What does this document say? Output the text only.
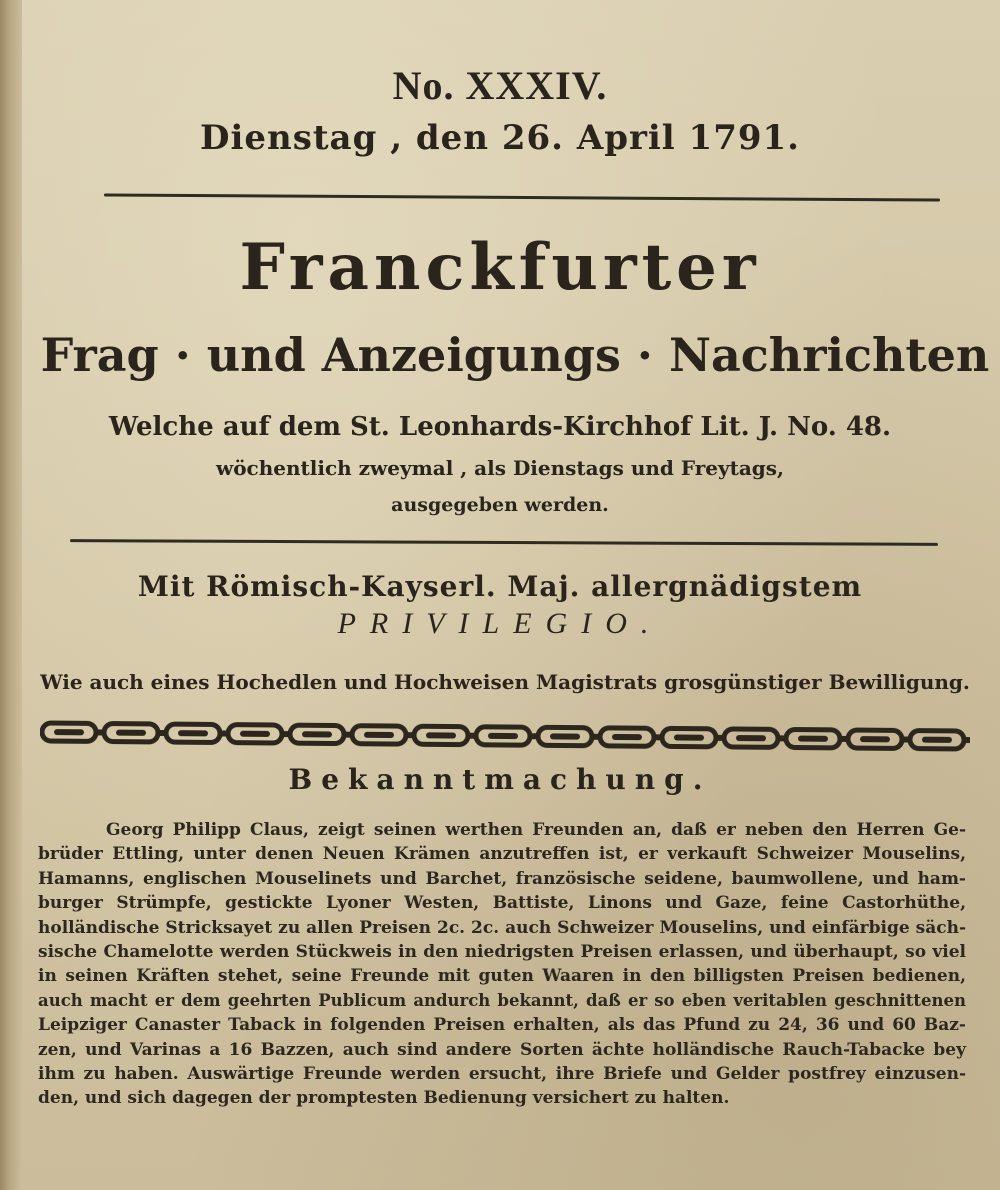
No. XXXIV.
Dienstag , den 26. April 1791.
Franckfurter
Frag · und Anzeigungs · Nachrichten
Welche auf dem St. Leonhards-Kirchhof Lit. J. No. 48.
wöchentlich zweymal , als Dienstags und Freytags,
ausgegeben werden.
Mit Römisch-Kayserl. Maj. allergnädigstem
PRIVILEGIO.
Wie auch eines Hochedlen und Hochweisen Magistrats grosgünstiger Bewilligung.
Bekanntmachung.
Georg Philipp Claus, zeigt seinen werthen Freunden an, daß er neben den Herren Ge-
brüder Ettling, unter denen Neuen Krämen anzutreffen ist, er verkauft Schweizer Mouselins,
Hamanns, englischen Mouselinets und Barchet, französische seidene, baumwollene, und ham-
burger Strümpfe, gestickte Lyoner Westen, Battiste, Linons und Gaze, feine Castorhüthe,
holländische Stricksayet zu allen Preisen 2c. 2c. auch Schweizer Mouselins, und einfärbige säch-
sische Chamelotte werden Stückweis in den niedrigsten Preisen erlassen, und überhaupt, so viel
in seinen Kräften stehet, seine Freunde mit guten Waaren in den billigsten Preisen bedienen,
auch macht er dem geehrten Publicum andurch bekannt, daß er so eben veritablen geschnittenen
Leipziger Canaster Taback in folgenden Preisen erhalten, als das Pfund zu 24, 36 und 60 Baz-
zen, und Varinas a 16 Bazzen, auch sind andere Sorten ächte holländische Rauch-Tabacke bey
ihm zu haben. Auswärtige Freunde werden ersucht, ihre Briefe und Gelder postfrey einzusen-
den, und sich dagegen der promptesten Bedienung versichert zu halten.
